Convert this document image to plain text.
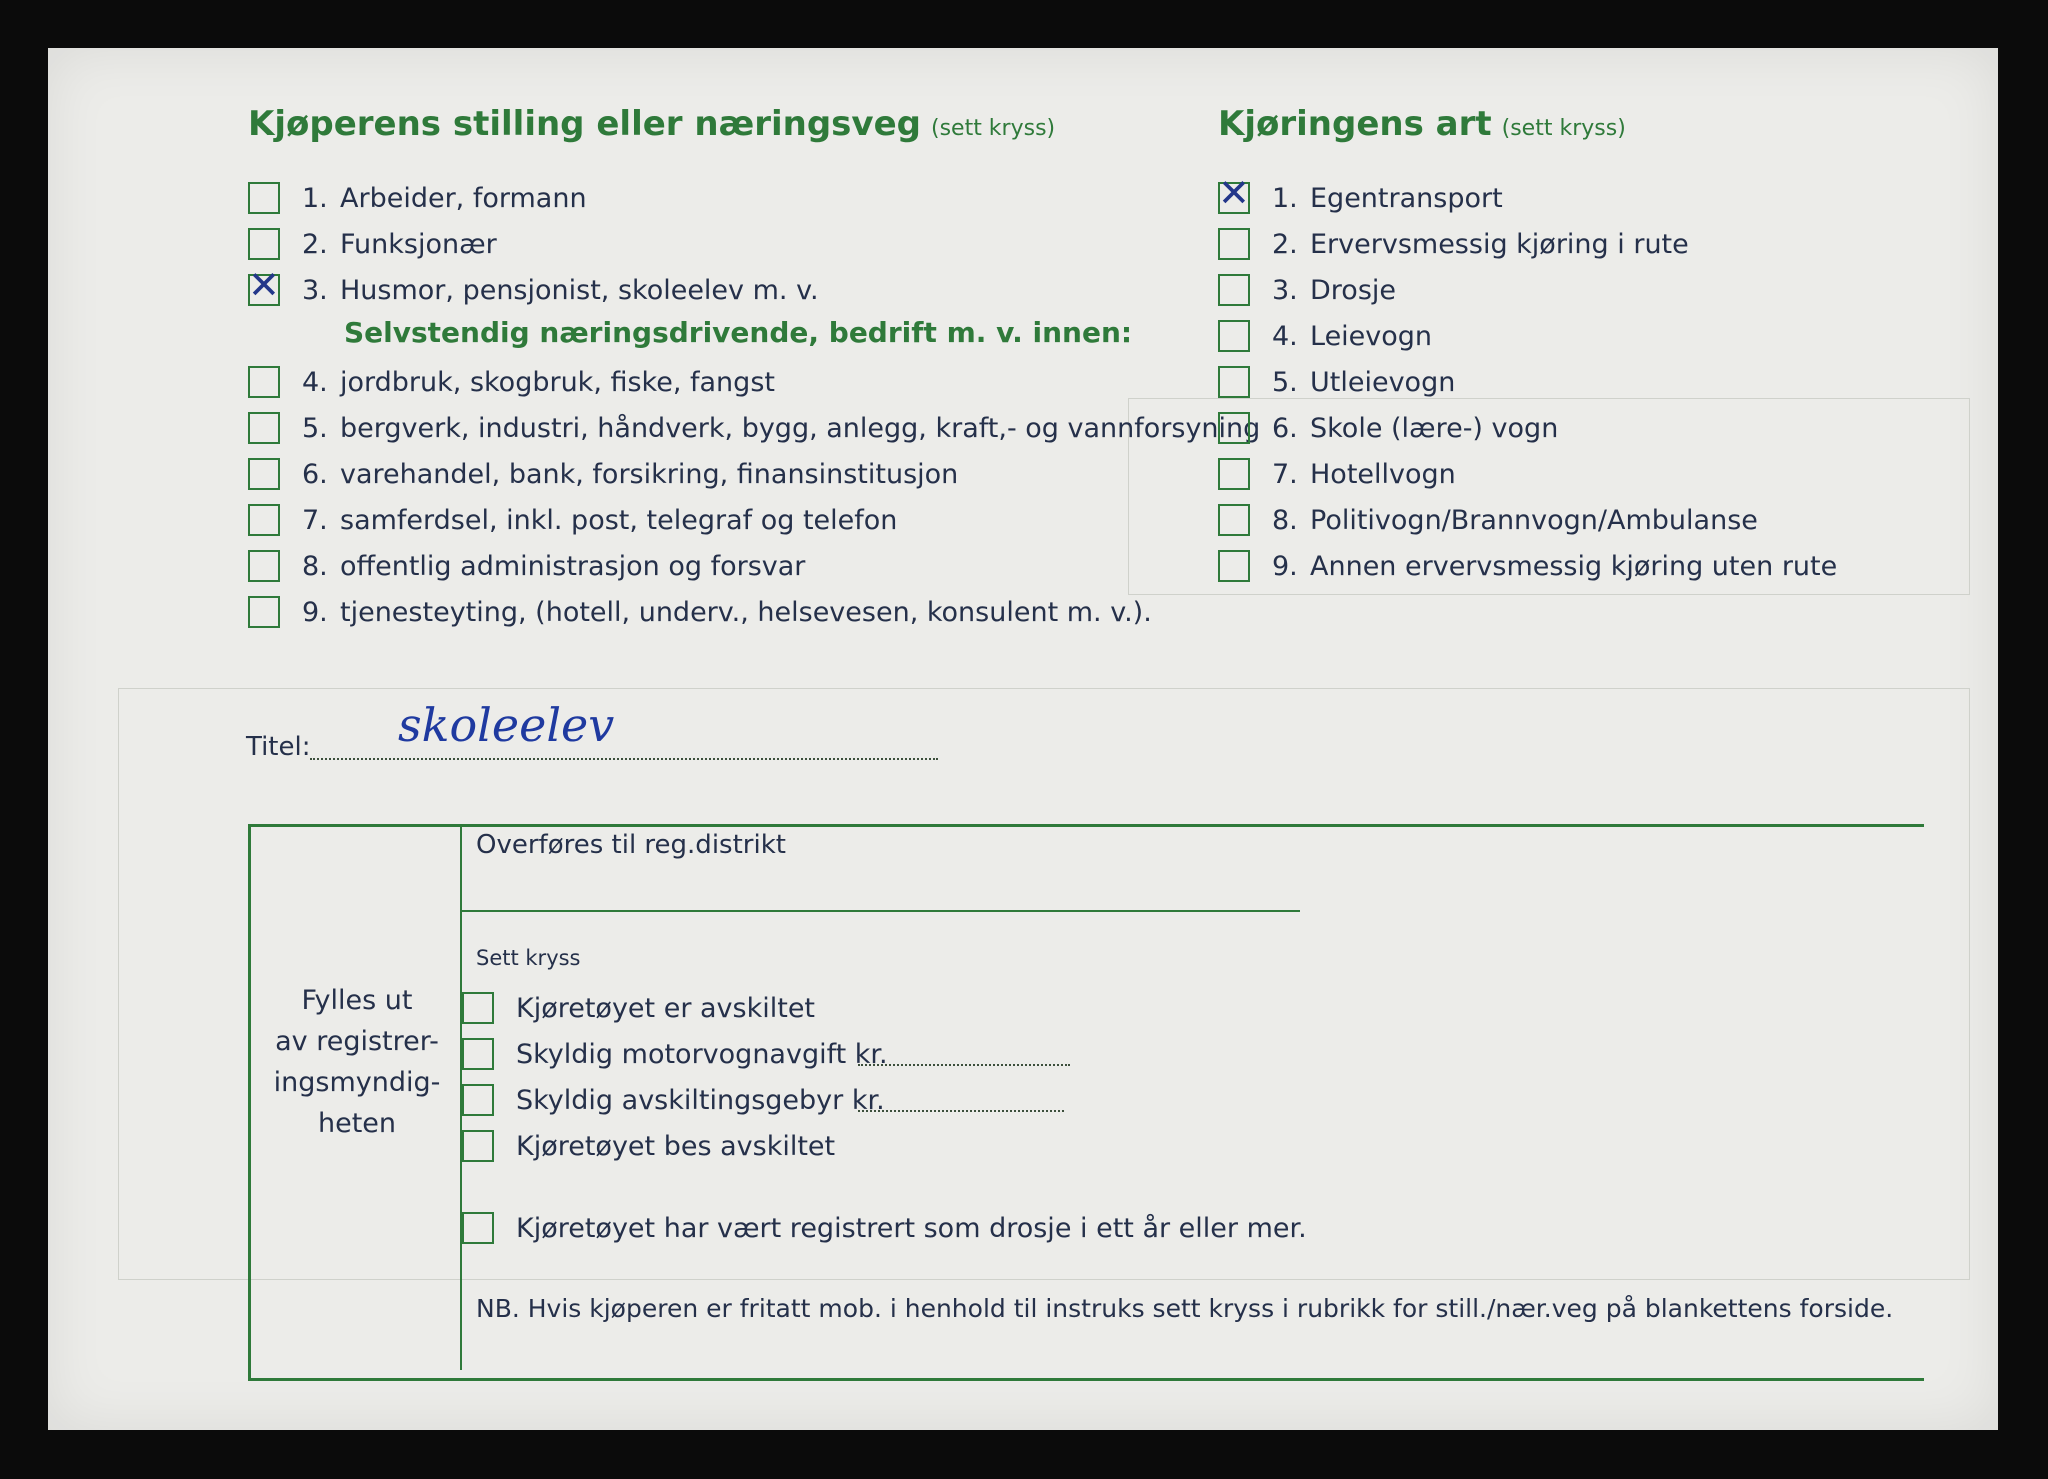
Kjøperens stilling eller næringsveg (sett kryss)
1. Arbeider, formann
2. Funksjonær
✕
3. Husmor, pensjonist, skoleelev m. v.
Selvstendig næringsdrivende, bedrift m. v. innen:
4. jordbruk, skogbruk, fiske, fangst
5. bergverk, industri, håndverk, bygg, anlegg, kraft,- og vannforsyning
6. varehandel, bank, forsikring, finansinstitusjon
7. samferdsel, inkl. post, telegraf og telefon
8. offentlig administrasjon og forsvar
9. tjenesteyting, (hotell, underv., helsevesen, konsulent m. v.).
Kjøringens art (sett kryss)
✕
1. Egentransport
2. Ervervsmessig kjøring i rute
3. Drosje
4. Leievogn
5. Utleievogn
6. Skole (lære-) vogn
7. Hotellvogn
8. Politivogn/Brannvogn/Ambulanse
9. Annen ervervsmessig kjøring uten rute
Titel: skoleelev
Fylles ut
av registrer-
ingsmyndig-
heten
Overføres til reg.distrikt
Sett kryss
Kjøretøyet er avskiltet
Skyldig motorvognavgift kr.
Skyldig avskiltingsgebyr kr.
Kjøretøyet bes avskiltet
Kjøretøyet har vært registrert som drosje i ett år eller mer.
NB. Hvis kjøperen er fritatt mob. i henhold til instruks sett kryss i rubrikk for still./nær.veg på blankettens forside.
